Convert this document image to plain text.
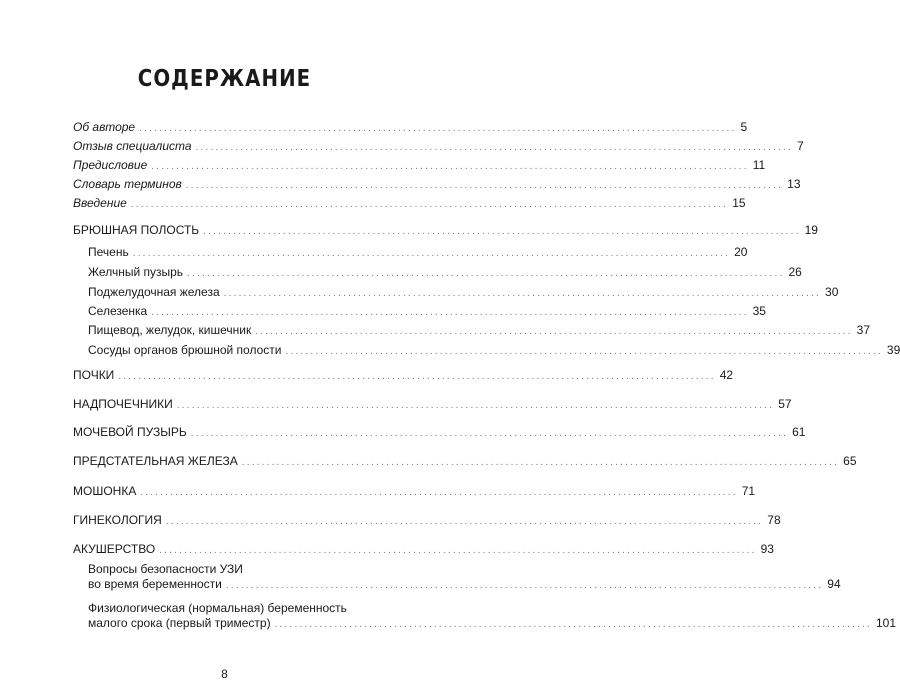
СОДЕРЖАНИЕ
Об авторе ........................................................................................................................ 5
Отзыв специалиста ........................................................................................................................ 7
Предисловие ........................................................................................................................ 11
Словарь терминов ........................................................................................................................ 13
Введение ........................................................................................................................ 15
БРЮШНАЯ ПОЛОСТЬ ........................................................................................................................ 19
Печень ........................................................................................................................ 20
Желчный пузырь ........................................................................................................................ 26
Поджелудочная железа ........................................................................................................................ 30
Селезенка ........................................................................................................................ 35
Пищевод, желудок, кишечник ........................................................................................................................ 37
Сосуды органов брюшной полости ........................................................................................................................ 39
ПОЧКИ ........................................................................................................................ 42
НАДПОЧЕЧНИКИ ........................................................................................................................ 57
МОЧЕВОЙ ПУЗЫРЬ ........................................................................................................................ 61
ПРЕДСТАТЕЛЬНАЯ ЖЕЛЕЗА ........................................................................................................................ 65
МОШОНКА ........................................................................................................................ 71
ГИНЕКОЛОГИЯ ........................................................................................................................ 78
АКУШЕРСТВО ........................................................................................................................ 93
Вопросы безопасности УЗИ
во время беременности ........................................................................................................................ 94
Физиологическая (нормальная) беременность
малого срока (первый триместр) ........................................................................................................................ 101
8
